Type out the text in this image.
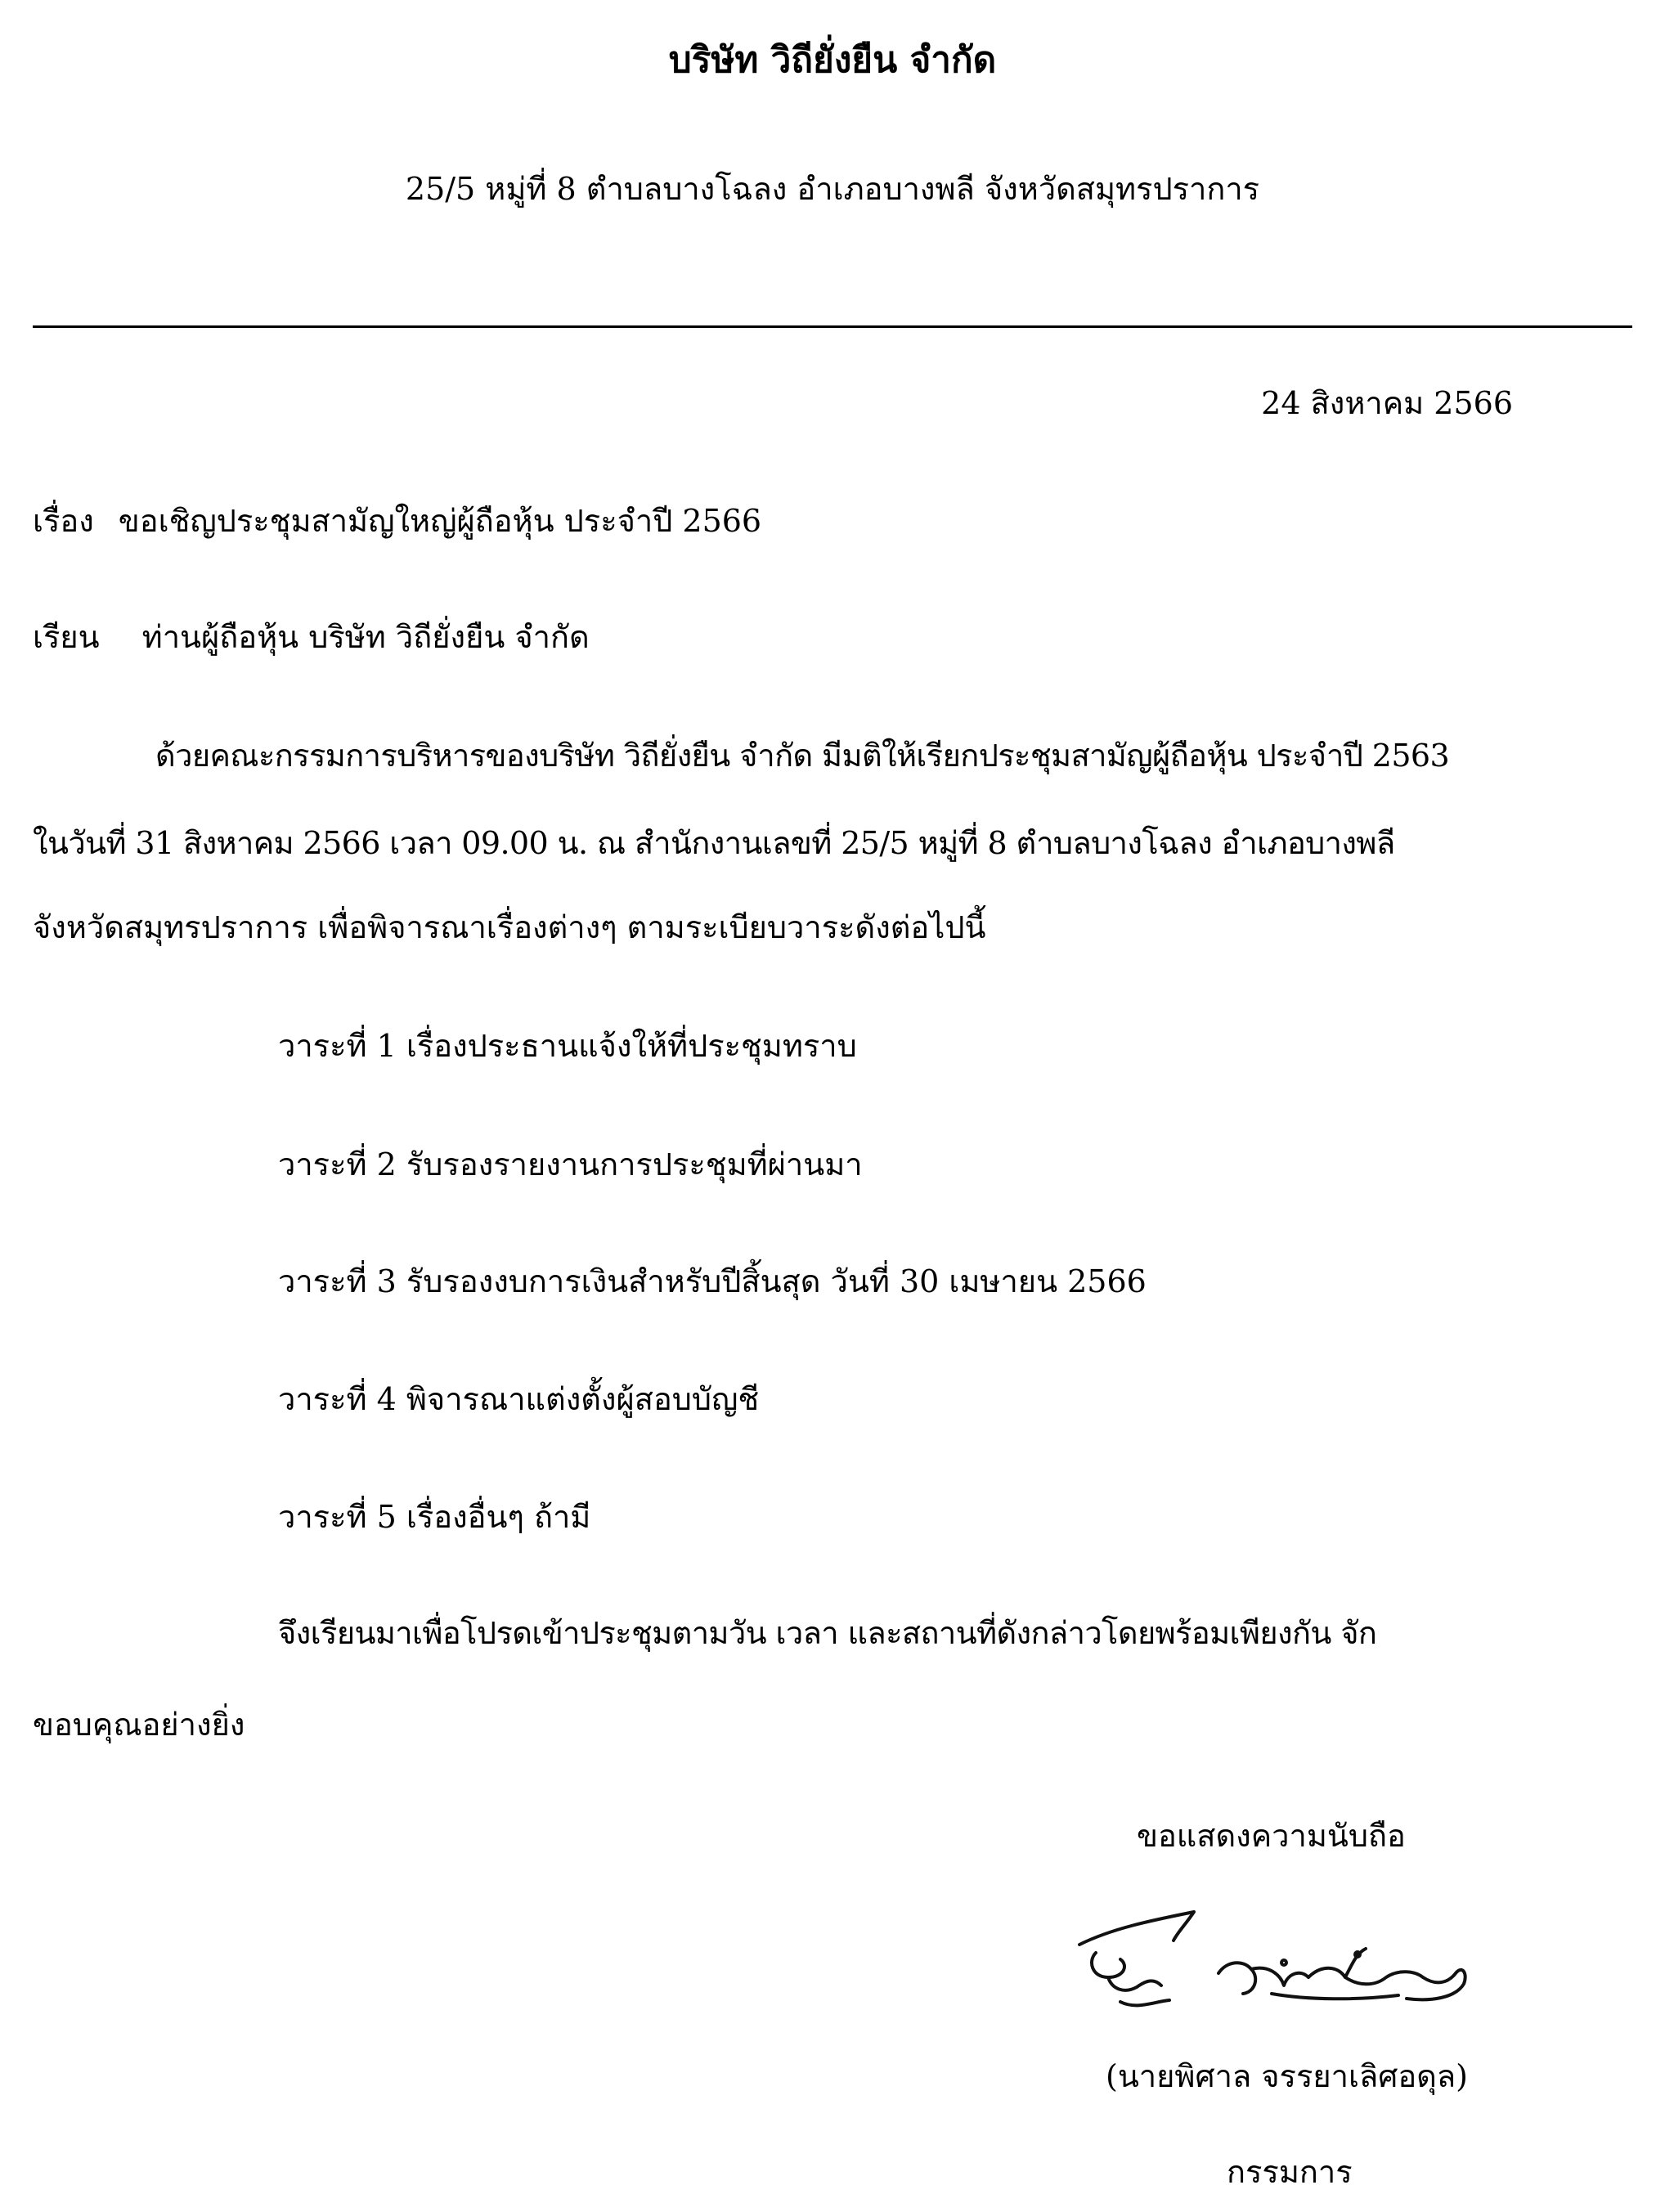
บริษัท วิถียั่งยืน จำกัด
25/5 หมู่ที่ 8 ตำบลบางโฉลง อำเภอบางพลี จังหวัดสมุทรปราการ
24 สิงหาคม 2566
เรื่อง ขอเชิญประชุมสามัญใหญ่ผู้ถือหุ้น ประจำปี 2566
เรียน ท่านผู้ถือหุ้น บริษัท วิถียั่งยืน จำกัด
ด้วยคณะกรรมการบริหารของบริษัท วิถียั่งยืน จำกัด มีมติให้เรียกประชุมสามัญผู้ถือหุ้น ประจำปี 2563
ในวันที่ 31 สิงหาคม 2566 เวลา 09.00 น. ณ สำนักงานเลขที่ 25/5 หมู่ที่ 8 ตำบลบางโฉลง อำเภอบางพลี
จังหวัดสมุทรปราการ เพื่อพิจารณาเรื่องต่างๆ ตามระเบียบวาระดังต่อไปนี้
วาระที่ 1 เรื่องประธานแจ้งให้ที่ประชุมทราบ
วาระที่ 2 รับรองรายงานการประชุมที่ผ่านมา
วาระที่ 3 รับรองงบการเงินสำหรับปีสิ้นสุด วันที่ 30 เมษายน 2566
วาระที่ 4 พิจารณาแต่งตั้งผู้สอบบัญชี
วาระที่ 5 เรื่องอื่นๆ ถ้ามี
จึงเรียนมาเพื่อโปรดเข้าประชุมตามวัน เวลา และสถานที่ดังกล่าวโดยพร้อมเพียงกัน จัก
ขอบคุณอย่างยิ่ง
ขอแสดงความนับถือ
(นายพิศาล จรรยาเลิศอดุล)
กรรมการ
